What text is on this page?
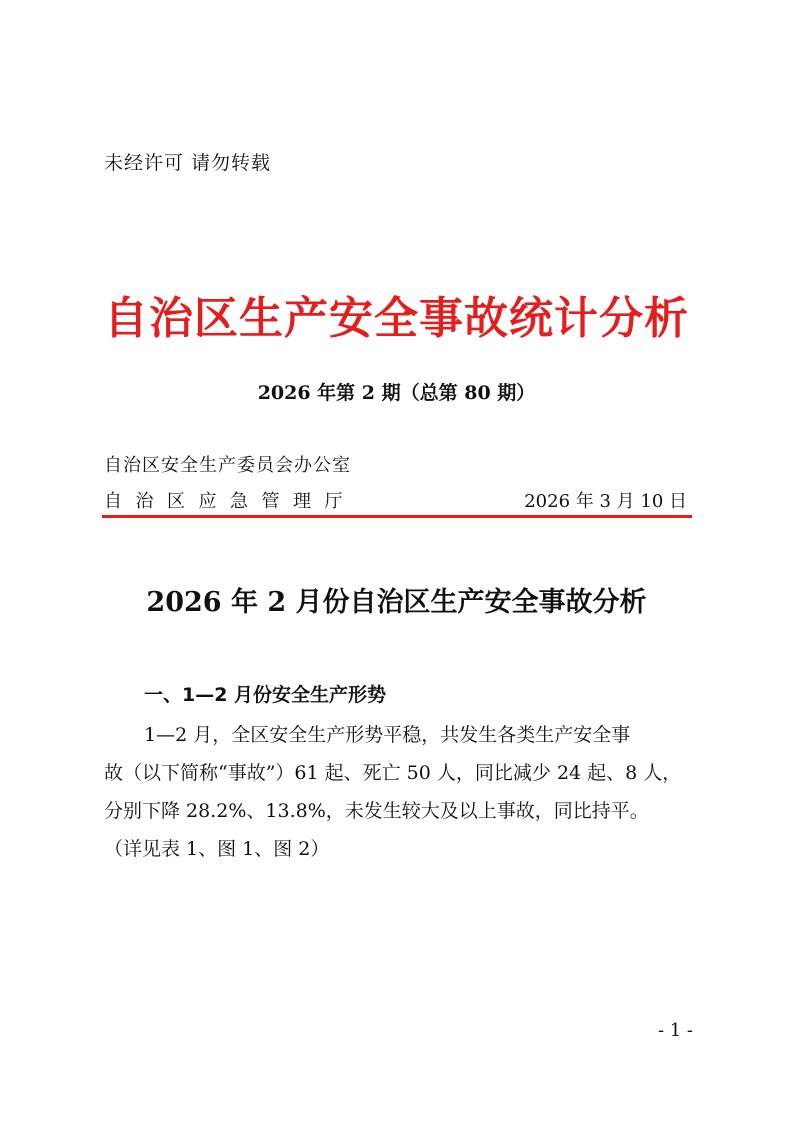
未经许可 请勿转载
自治区生产安全事故统计分析
2026 年第 2 期（总第 80 期）
自治区安全生产委员会办公室
自治区应急管理厅	2026 年 3 月 10 日
2026 年 2 月份自治区生产安全事故分析
一、1—2 月份安全生产形势
1—2 月，全区安全生产形势平稳，共发生各类生产安全事
故（以下简称“事故”）61 起、死亡 50 人，同比减少 24 起、8 人，
分别下降 28.2%、13.8%，未发生较大及以上事故，同比持平。
（详见表 1、图 1、图 2）
- 1 -
